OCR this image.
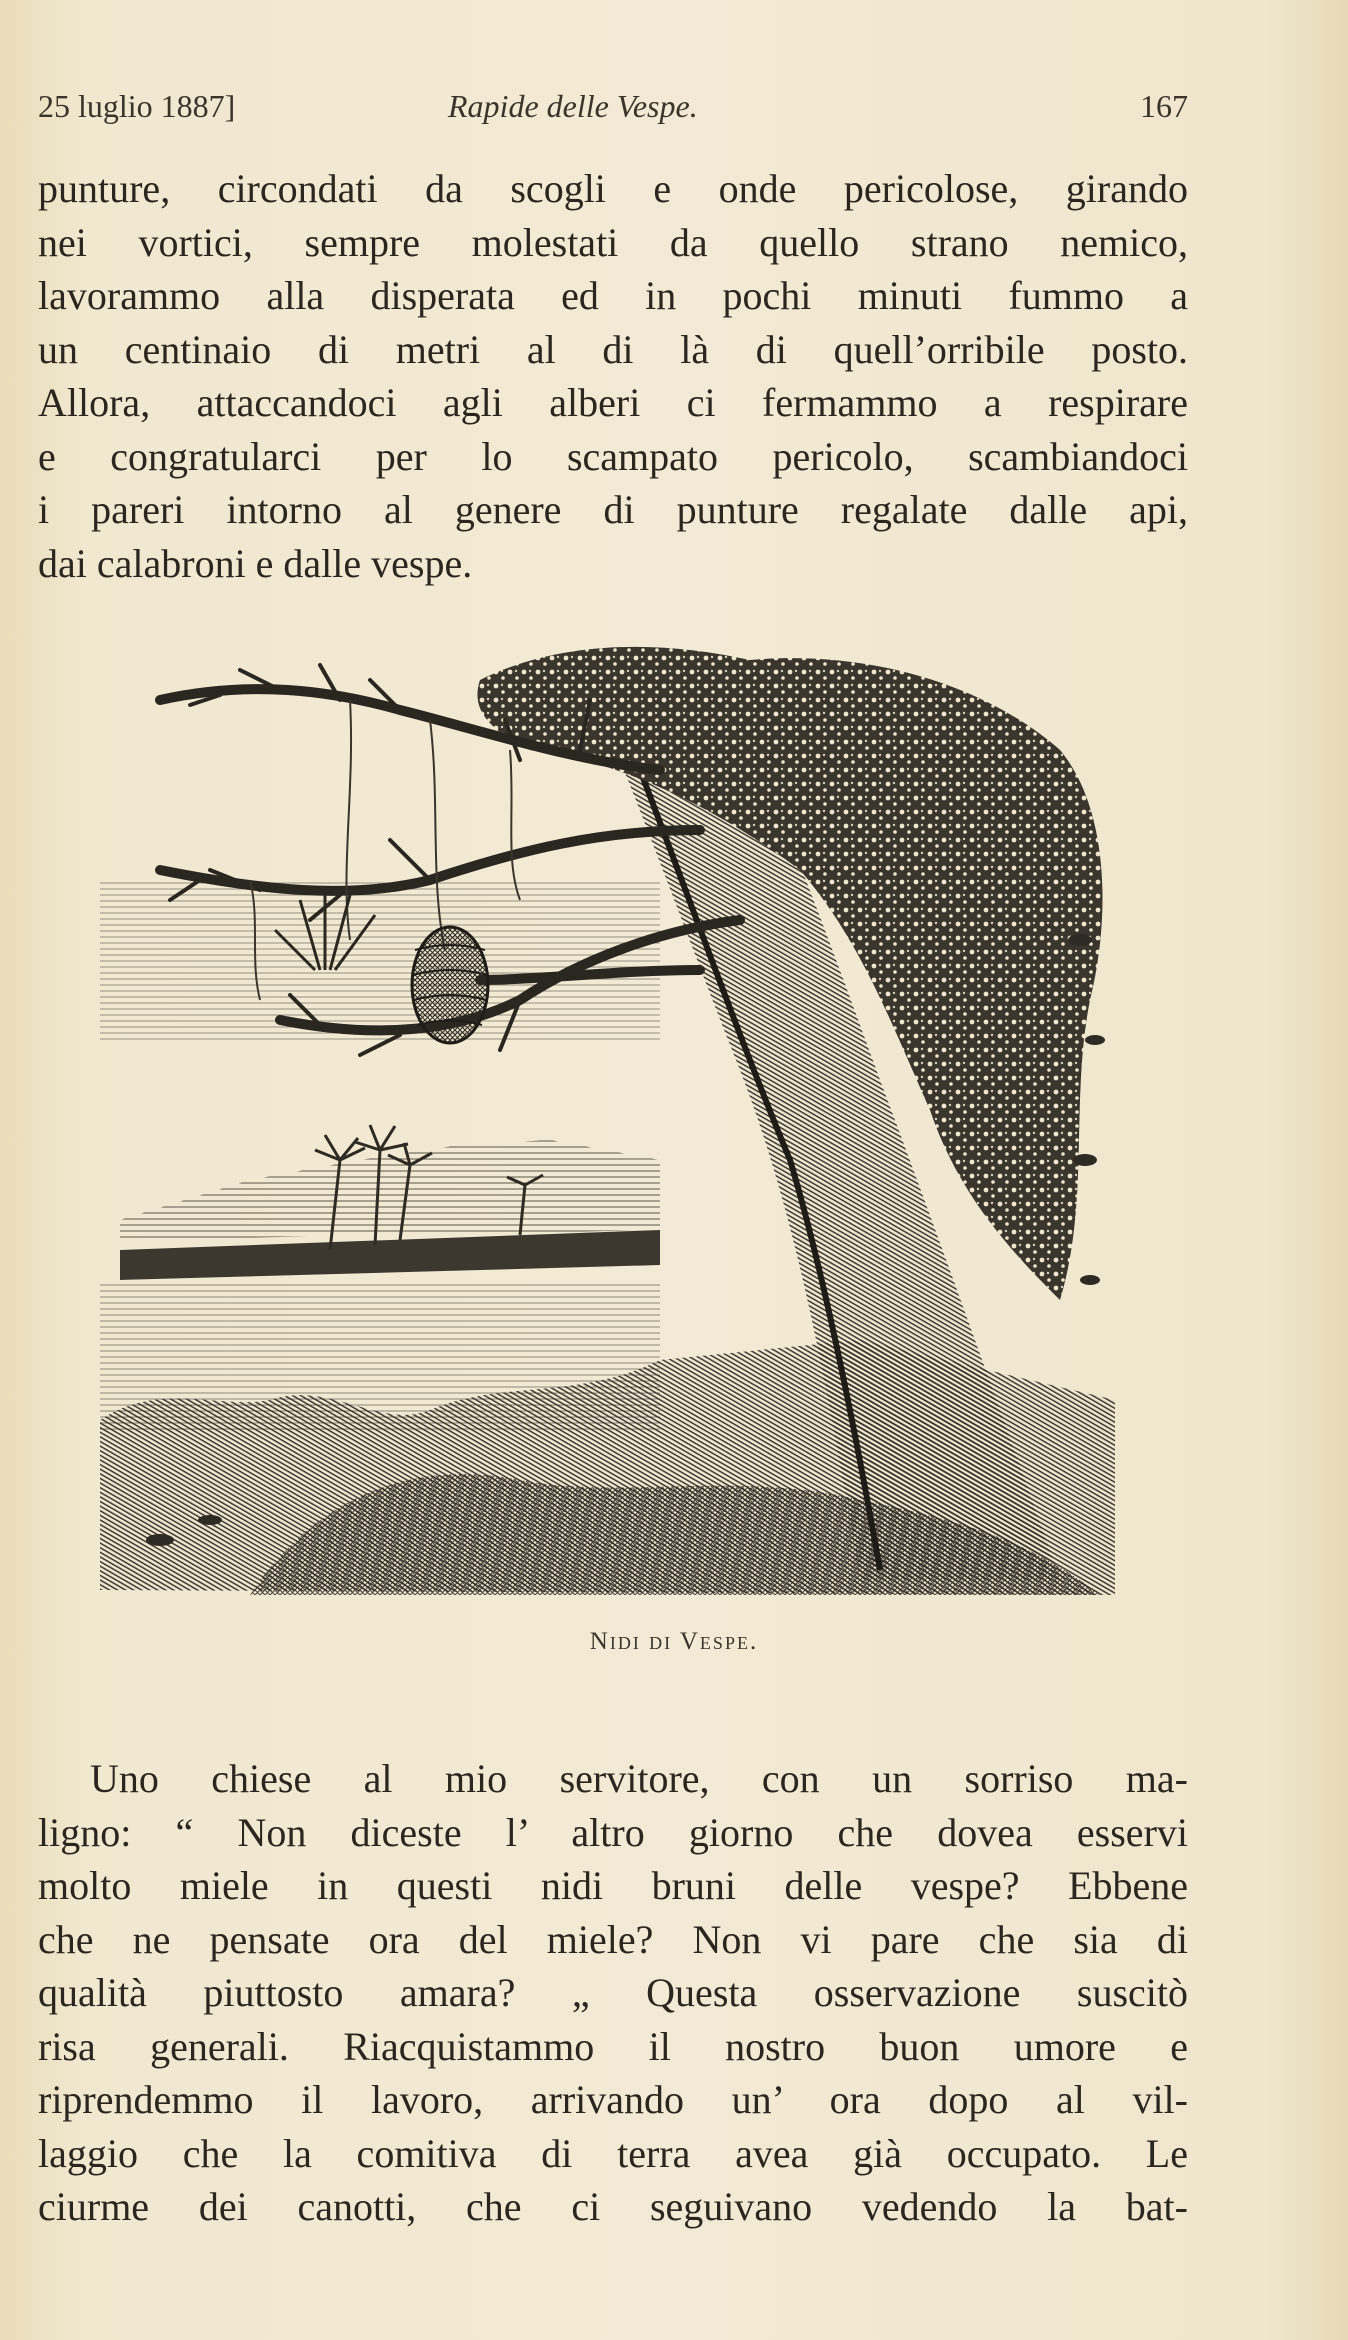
25 luglio 1887]	Rapide delle Vespe.	167
punture, circondati da scogli e onde pericolose, girando
nei vortici, sempre molestati da quello strano nemico,
lavorammo alla disperata ed in pochi minuti fummo a
un centinaio di metri al di là di quell’orribile posto.
Allora, attaccandoci agli alberi ci fermammo a respirare
e congratularci per lo scampato pericolo, scambiandoci
i pareri intorno al genere di punture regalate dalle api,
dai calabroni e dalle vespe.
Nidi di Vespe.
Uno chiese al mio servitore, con un sorriso ma-
ligno: “ Non diceste l’ altro giorno che dovea esservi
molto miele in questi nidi bruni delle vespe? Ebbene
che ne pensate ora del miele? Non vi pare che sia di
qualità piuttosto amara? „ Questa osservazione suscitò
risa generali. Riacquistammo il nostro buon umore e
riprendemmo il lavoro, arrivando un’ ora dopo al vil-
laggio che la comitiva di terra avea già occupato. Le
ciurme dei canotti, che ci seguivano vedendo la bat-
